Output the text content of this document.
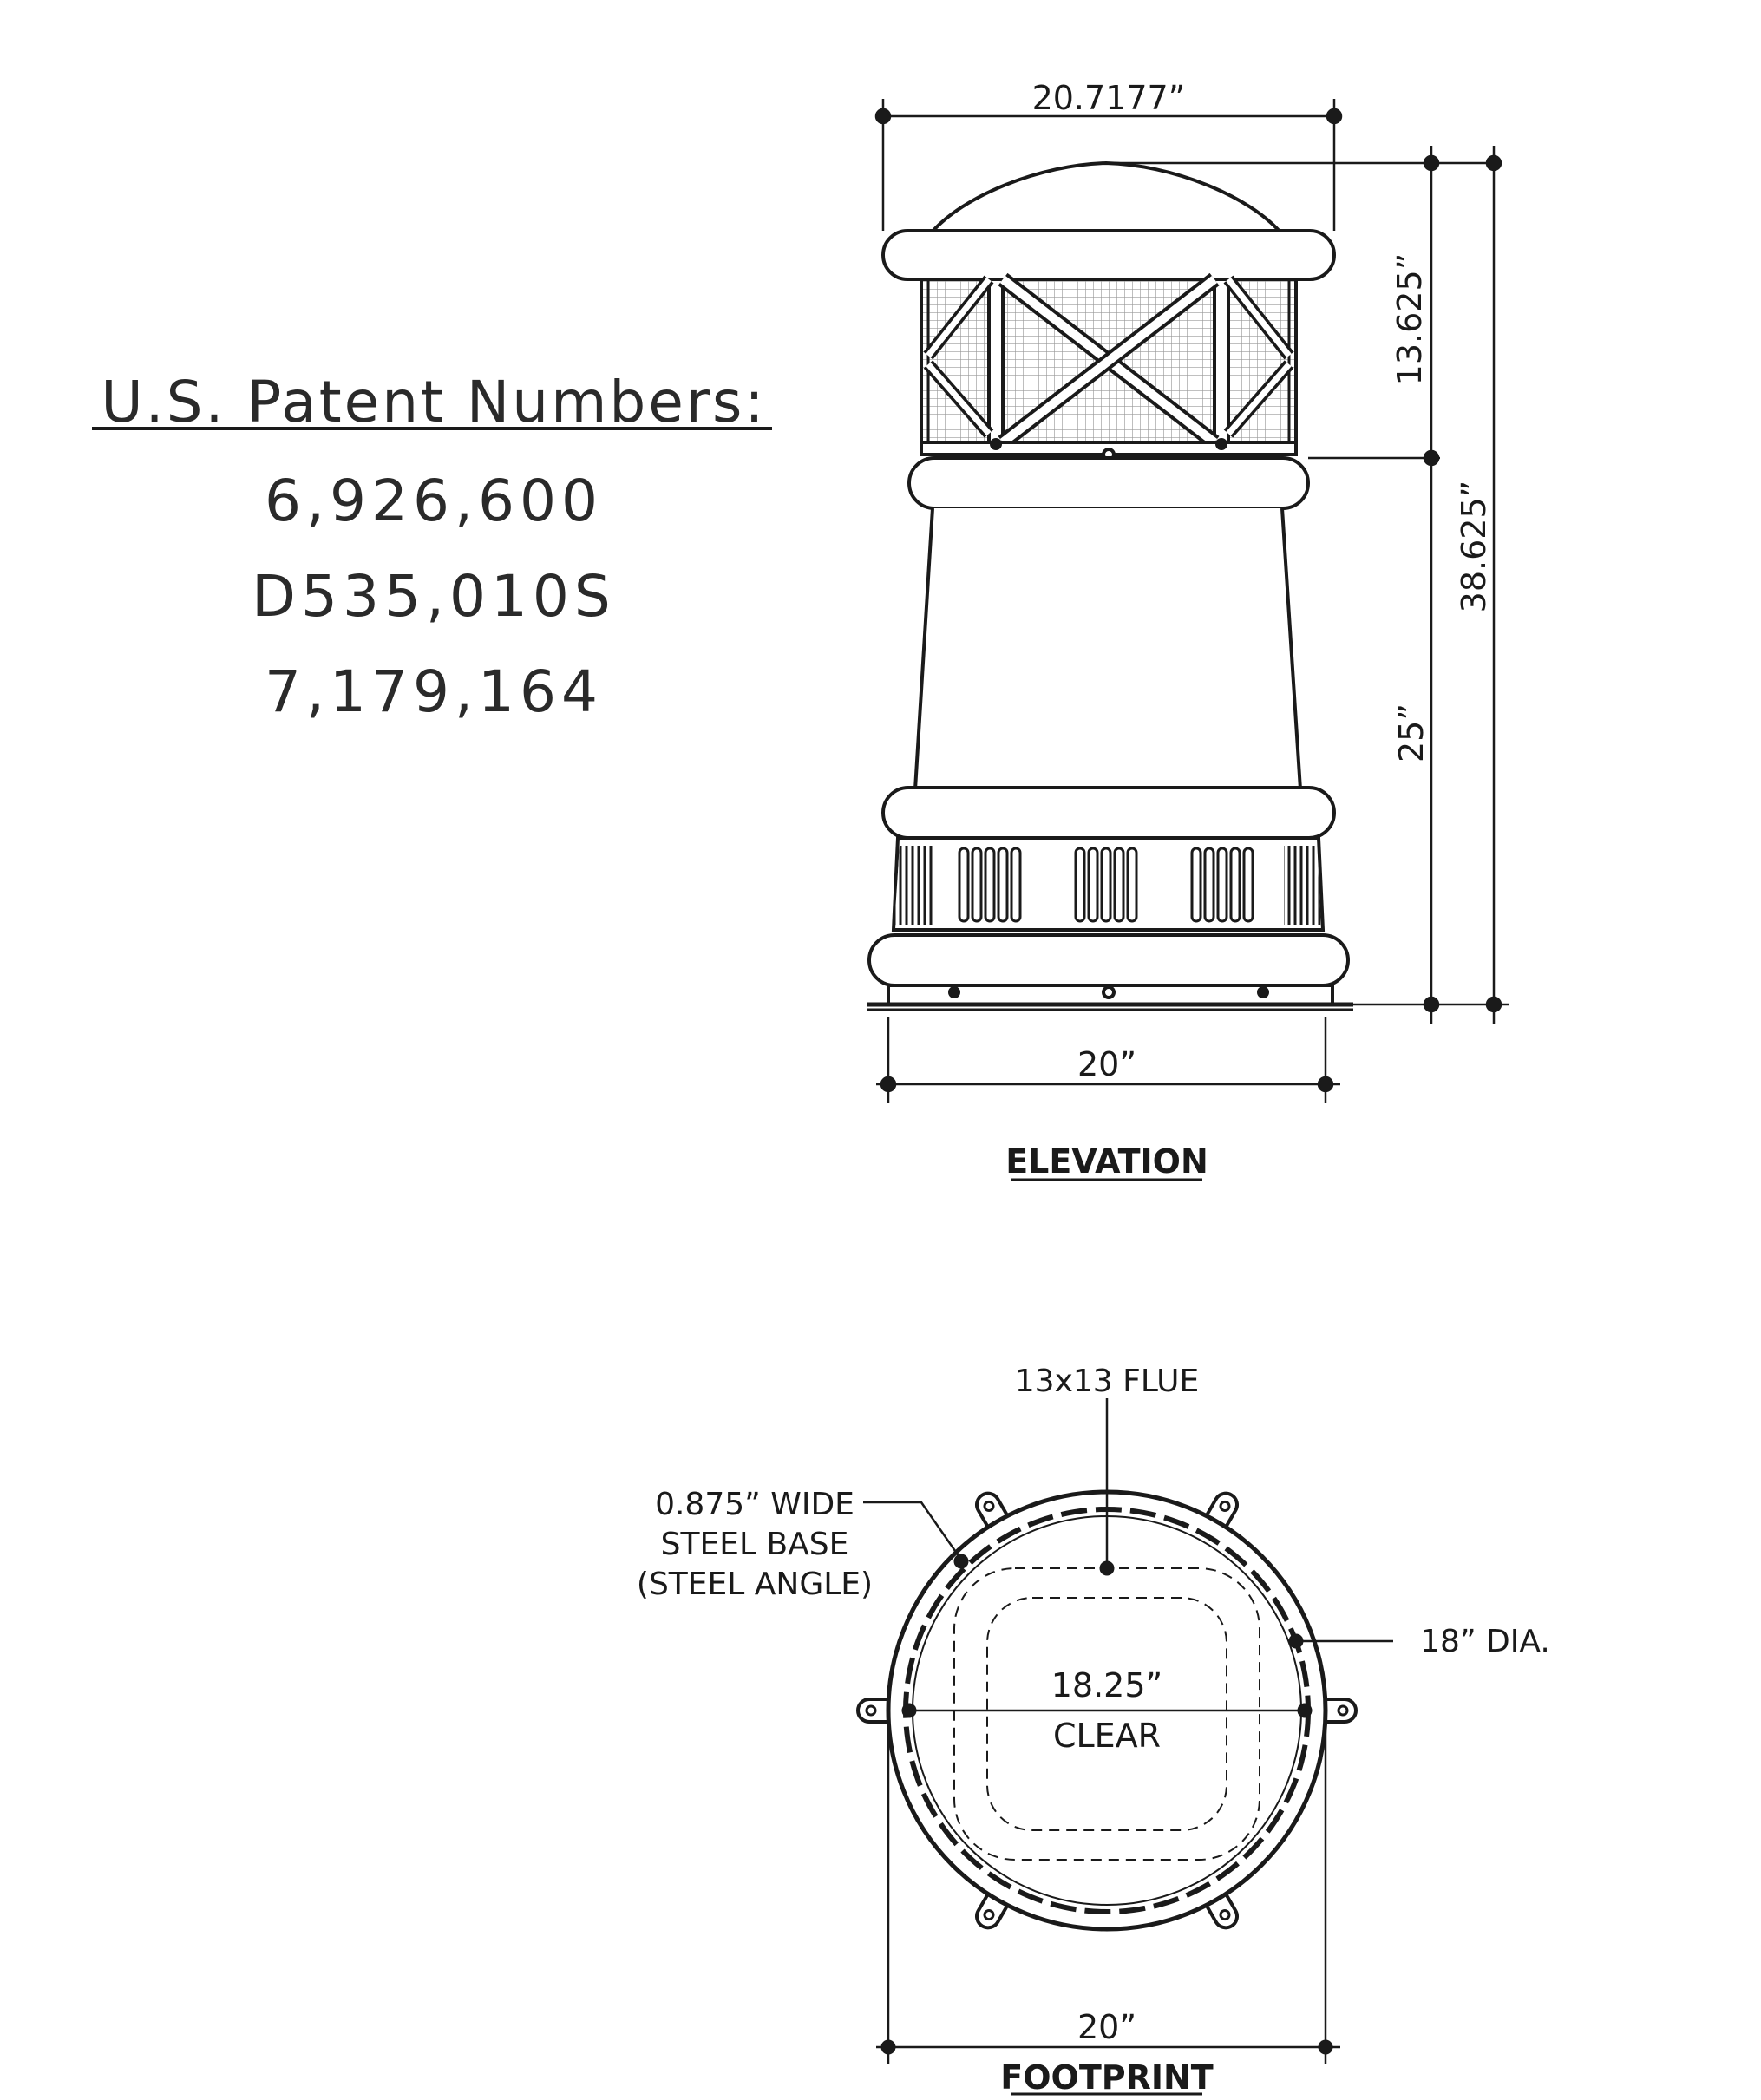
U.S. Patent Numbers:
6,926,600
D535,010S
7,179,164
20.7177”
13.625”
38.625”
25”
20”
ELEVATION
13x13 FLUE
0.875” WIDE
STEEL BASE
(STEEL ANGLE)
18” DIA.
18.25”
CLEAR
20”
FOOTPRINT
